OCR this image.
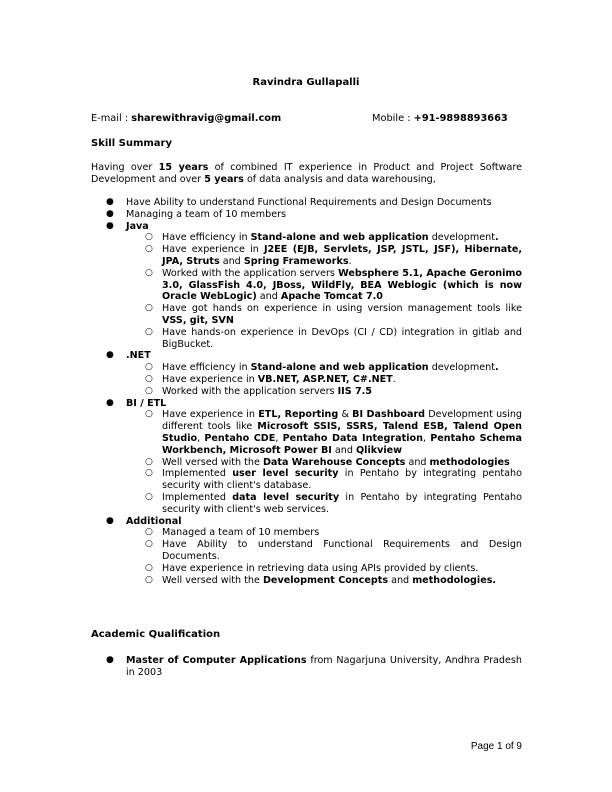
Ravindra Gullapalli
E-mail : sharewithravig@gmail.com	Mobile : +91-9898893663
Skill Summary
Having over 15 years of combined IT experience in Product and Project Software Development and over 5 years of data analysis and data warehousing,
● Have Ability to understand Functional Requirements and Design Documents
● Managing a team of 10 members
● Java
○ Have efficiency in Stand-alone and web application development.
○ Have experience in J2EE (EJB, Servlets, JSP, JSTL, JSF), Hibernate, JPA, Struts and Spring Frameworks.
○ Worked with the application servers Websphere 5.1, Apache Geronimo 3.0, GlassFish 4.0, JBoss, WildFly, BEA Weblogic (which is now Oracle WebLogic) and Apache Tomcat 7.0
○ Have got hands on experience in using version management tools like VSS, git, SVN
○ Have hands-on experience in DevOps (CI / CD) integration in gitlab and BigBucket.
● .NET
○ Have efficiency in Stand-alone and web application development.
○ Have experience in VB.NET, ASP.NET, C#.NET.
○ Worked with the application servers IIS 7.5
● BI / ETL
○ Have experience in ETL, Reporting & BI Dashboard Development using different tools like Microsoft SSIS, SSRS, Talend ESB, Talend Open Studio, Pentaho CDE, Pentaho Data Integration, Pentaho Schema Workbench, Microsoft Power BI and Qlikview
○ Well versed with the Data Warehouse Concepts and methodologies
○ Implemented user level security in Pentaho by integrating pentaho security with client's database.
○ Implemented data level security in Pentaho by integrating Pentaho security with client's web services.
● Additional
○ Managed a team of 10 members
○ Have Ability to understand Functional Requirements and Design Documents.
○ Have experience in retrieving data using APIs provided by clients.
○ Well versed with the Development Concepts and methodologies.
Academic Qualification
● Master of Computer Applications from Nagarjuna University, Andhra Pradesh in 2003
Page 1 of 9
